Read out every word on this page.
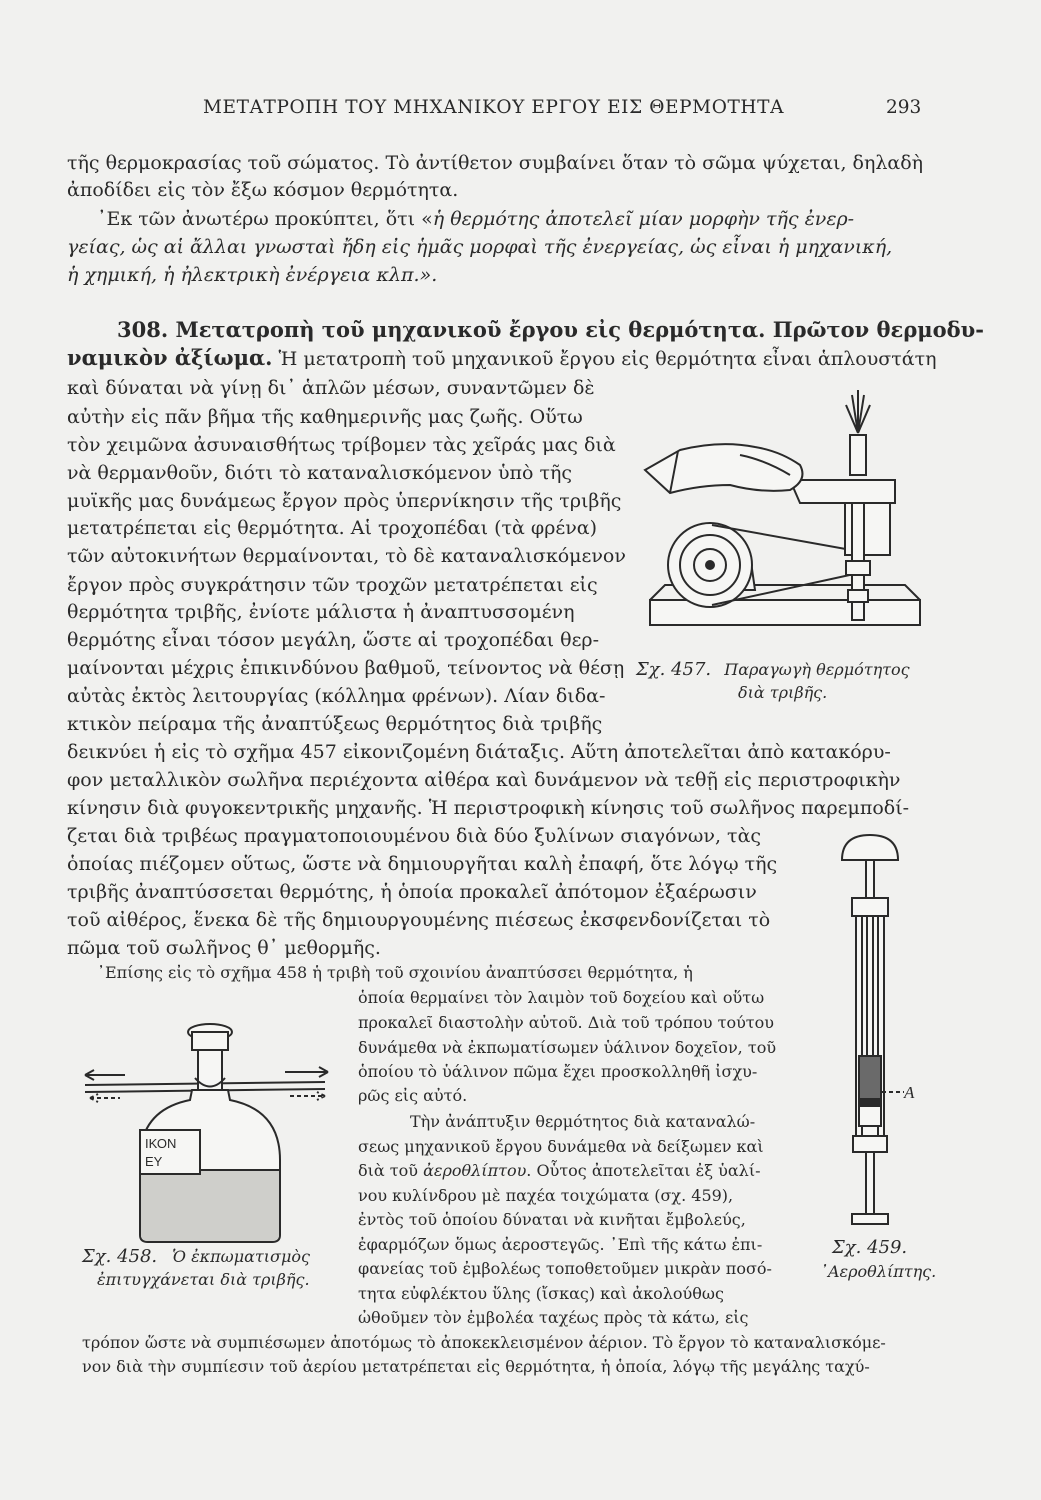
ΜΕΤΑΤΡΟΠΗ ΤΟΥ ΜΗΧΑΝΙΚΟΥ ΕΡΓΟΥ ΕΙΣ ΘΕΡΜΟΤΗΤΑ	293
τῆς θερμοκρασίας τοῦ σώματος. Τὸ ἀντίθετον συμβαίνει ὅταν τὸ σῶμα ψύχεται, δηλαδὴ
ἀποδίδει εἰς τὸν ἔξω κόσμον θερμότητα.
᾿Εκ τῶν ἀνωτέρω προκύπτει, ὅτι «ἡ θερμότης ἀποτελεῖ μίαν μορφὴν τῆς ἐνερ-
γείας, ὡς αἱ ἄλλαι γνωσταὶ ἤδη εἰς ἡμᾶς μορφαὶ τῆς ἐνεργείας, ὡς εἶναι ἡ μηχανική,
ἡ χημική, ἡ ἠλεκτρικὴ ἐνέργεια κλπ.».
308. Μετατροπὴ τοῦ μηχανικοῦ ἔργου εἰς θερμότητα. Πρῶτον θερμοδυ-
ναμικὸν ἀξίωμα. Ἡ μετατροπὴ τοῦ μηχανικοῦ ἔργου εἰς θερμότητα εἶναι ἁπλουστάτη
καὶ δύναται νὰ γίνῃ δι᾿ ἁπλῶν μέσων, συναντῶμεν δὲ
αὐτὴν εἰς πᾶν βῆμα τῆς καθημερινῆς μας ζωῆς. Οὕτω
τὸν χειμῶνα ἀσυναισθήτως τρίβομεν τὰς χεῖράς μας διὰ
νὰ θερμανθοῦν, διότι τὸ καταναλισκόμενον ὑπὸ τῆς
μυϊκῆς μας δυνάμεως ἔργον πρὸς ὑπερνίκησιν τῆς τριβῆς
μετατρέπεται εἰς θερμότητα. Αἱ τροχοπέδαι (τὰ φρένα)
τῶν αὐτοκινήτων θερμαίνονται, τὸ δὲ καταναλισκόμενον
ἔργον πρὸς συγκράτησιν τῶν τροχῶν μετατρέπεται εἰς
θερμότητα τριβῆς, ἐνίοτε μάλιστα ἡ ἀναπτυσσομένη
θερμότης εἶναι τόσον μεγάλη, ὥστε αἱ τροχοπέδαι θερ-
μαίνονται μέχρις ἐπικινδύνου βαθμοῦ, τείνοντος νὰ θέσῃ
αὐτὰς ἐκτὸς λειτουργίας (κόλλημα φρένων). Λίαν διδα-
κτικὸν πείραμα τῆς ἀναπτύξεως θερμότητος διὰ τριβῆς
Σχ. 457. Παραγωγὴ θερμότητος
διὰ τριβῆς.
δεικνύει ἡ εἰς τὸ σχῆμα 457 εἰκονιζομένη διάταξις. Αὕτη ἀποτελεῖται ἀπὸ κατακόρυ-
φον μεταλλικὸν σωλῆνα περιέχοντα αἰθέρα καὶ δυνάμενον νὰ τεθῇ εἰς περιστροφικὴν
κίνησιν διὰ φυγοκεντρικῆς μηχανῆς. Ἡ περιστροφικὴ κίνησις τοῦ σωλῆνος παρεμποδί-
ζεται διὰ τριβέως πραγματοποιουμένου διὰ δύο ξυλίνων σιαγόνων, τὰς
ὁποίας πιέζομεν οὕτως, ὥστε νὰ δημιουργῆται καλὴ ἐπαφή, ὅτε λόγῳ τῆς
τριβῆς ἀναπτύσσεται θερμότης, ἡ ὁποία προκαλεῖ ἀπότομον ἐξαέρωσιν
τοῦ αἰθέρος, ἕνεκα δὲ τῆς δημιουργουμένης πιέσεως ἐκσφενδονίζεται τὸ
πῶμα τοῦ σωλῆνος θ᾿ μεθορμῆς.
᾿Επίσης εἰς τὸ σχῆμα 458 ἡ τριβὴ τοῦ σχοινίου ἀναπτύσσει θερμότητα, ἡ
ὁποία θερμαίνει τὸν λαιμὸν τοῦ δοχείου καὶ οὕτω
προκαλεῖ διαστολὴν αὐτοῦ. Διὰ τοῦ τρόπου τούτου
δυνάμεθα νὰ ἐκπωματίσωμεν ὑάλινον δοχεῖον, τοῦ
ὁποίου τὸ ὑάλινον πῶμα ἔχει προσκολληθῆ ἰσχυ-
ρῶς εἰς αὐτό.
ΙΚΟΝ
ΕΥ
Σχ. 458. Ὁ ἐκπωματισμὸς
ἐπιτυγχάνεται διὰ τριβῆς.
A
Σχ. 459.
᾿Αεροθλίπτης.
Τὴν ἀνάπτυξιν θερμότητος διὰ καταναλώ-
σεως μηχανικοῦ ἔργου δυνάμεθα νὰ δείξωμεν καὶ
διὰ τοῦ ἀεροθλίπτου. Οὗτος ἀποτελεῖται ἐξ ὑαλί-
νου κυλίνδρου μὲ παχέα τοιχώματα (σχ. 459),
ἐντὸς τοῦ ὁποίου δύναται νὰ κινῆται ἔμβολεύς,
ἐφαρμόζων ὅμως ἀεροστεγῶς. ᾿Επὶ τῆς κάτω ἐπι-
φανείας τοῦ ἐμβολέως τοποθετοῦμεν μικρὰν ποσό-
τητα εὐφλέκτου ὕλης (ἴσκας) καὶ ἀκολούθως
ὠθοῦμεν τὸν ἐμβολέα ταχέως πρὸς τὰ κάτω, εἰς
τρόπον ὥστε νὰ συμπιέσωμεν ἀποτόμως τὸ ἀποκεκλεισμένον ἀέριον. Τὸ ἔργον τὸ καταναλισκόμε-
νον διὰ τὴν συμπίεσιν τοῦ ἀερίου μετατρέπεται εἰς θερμότητα, ἡ ὁποία, λόγῳ τῆς μεγάλης ταχύ-
